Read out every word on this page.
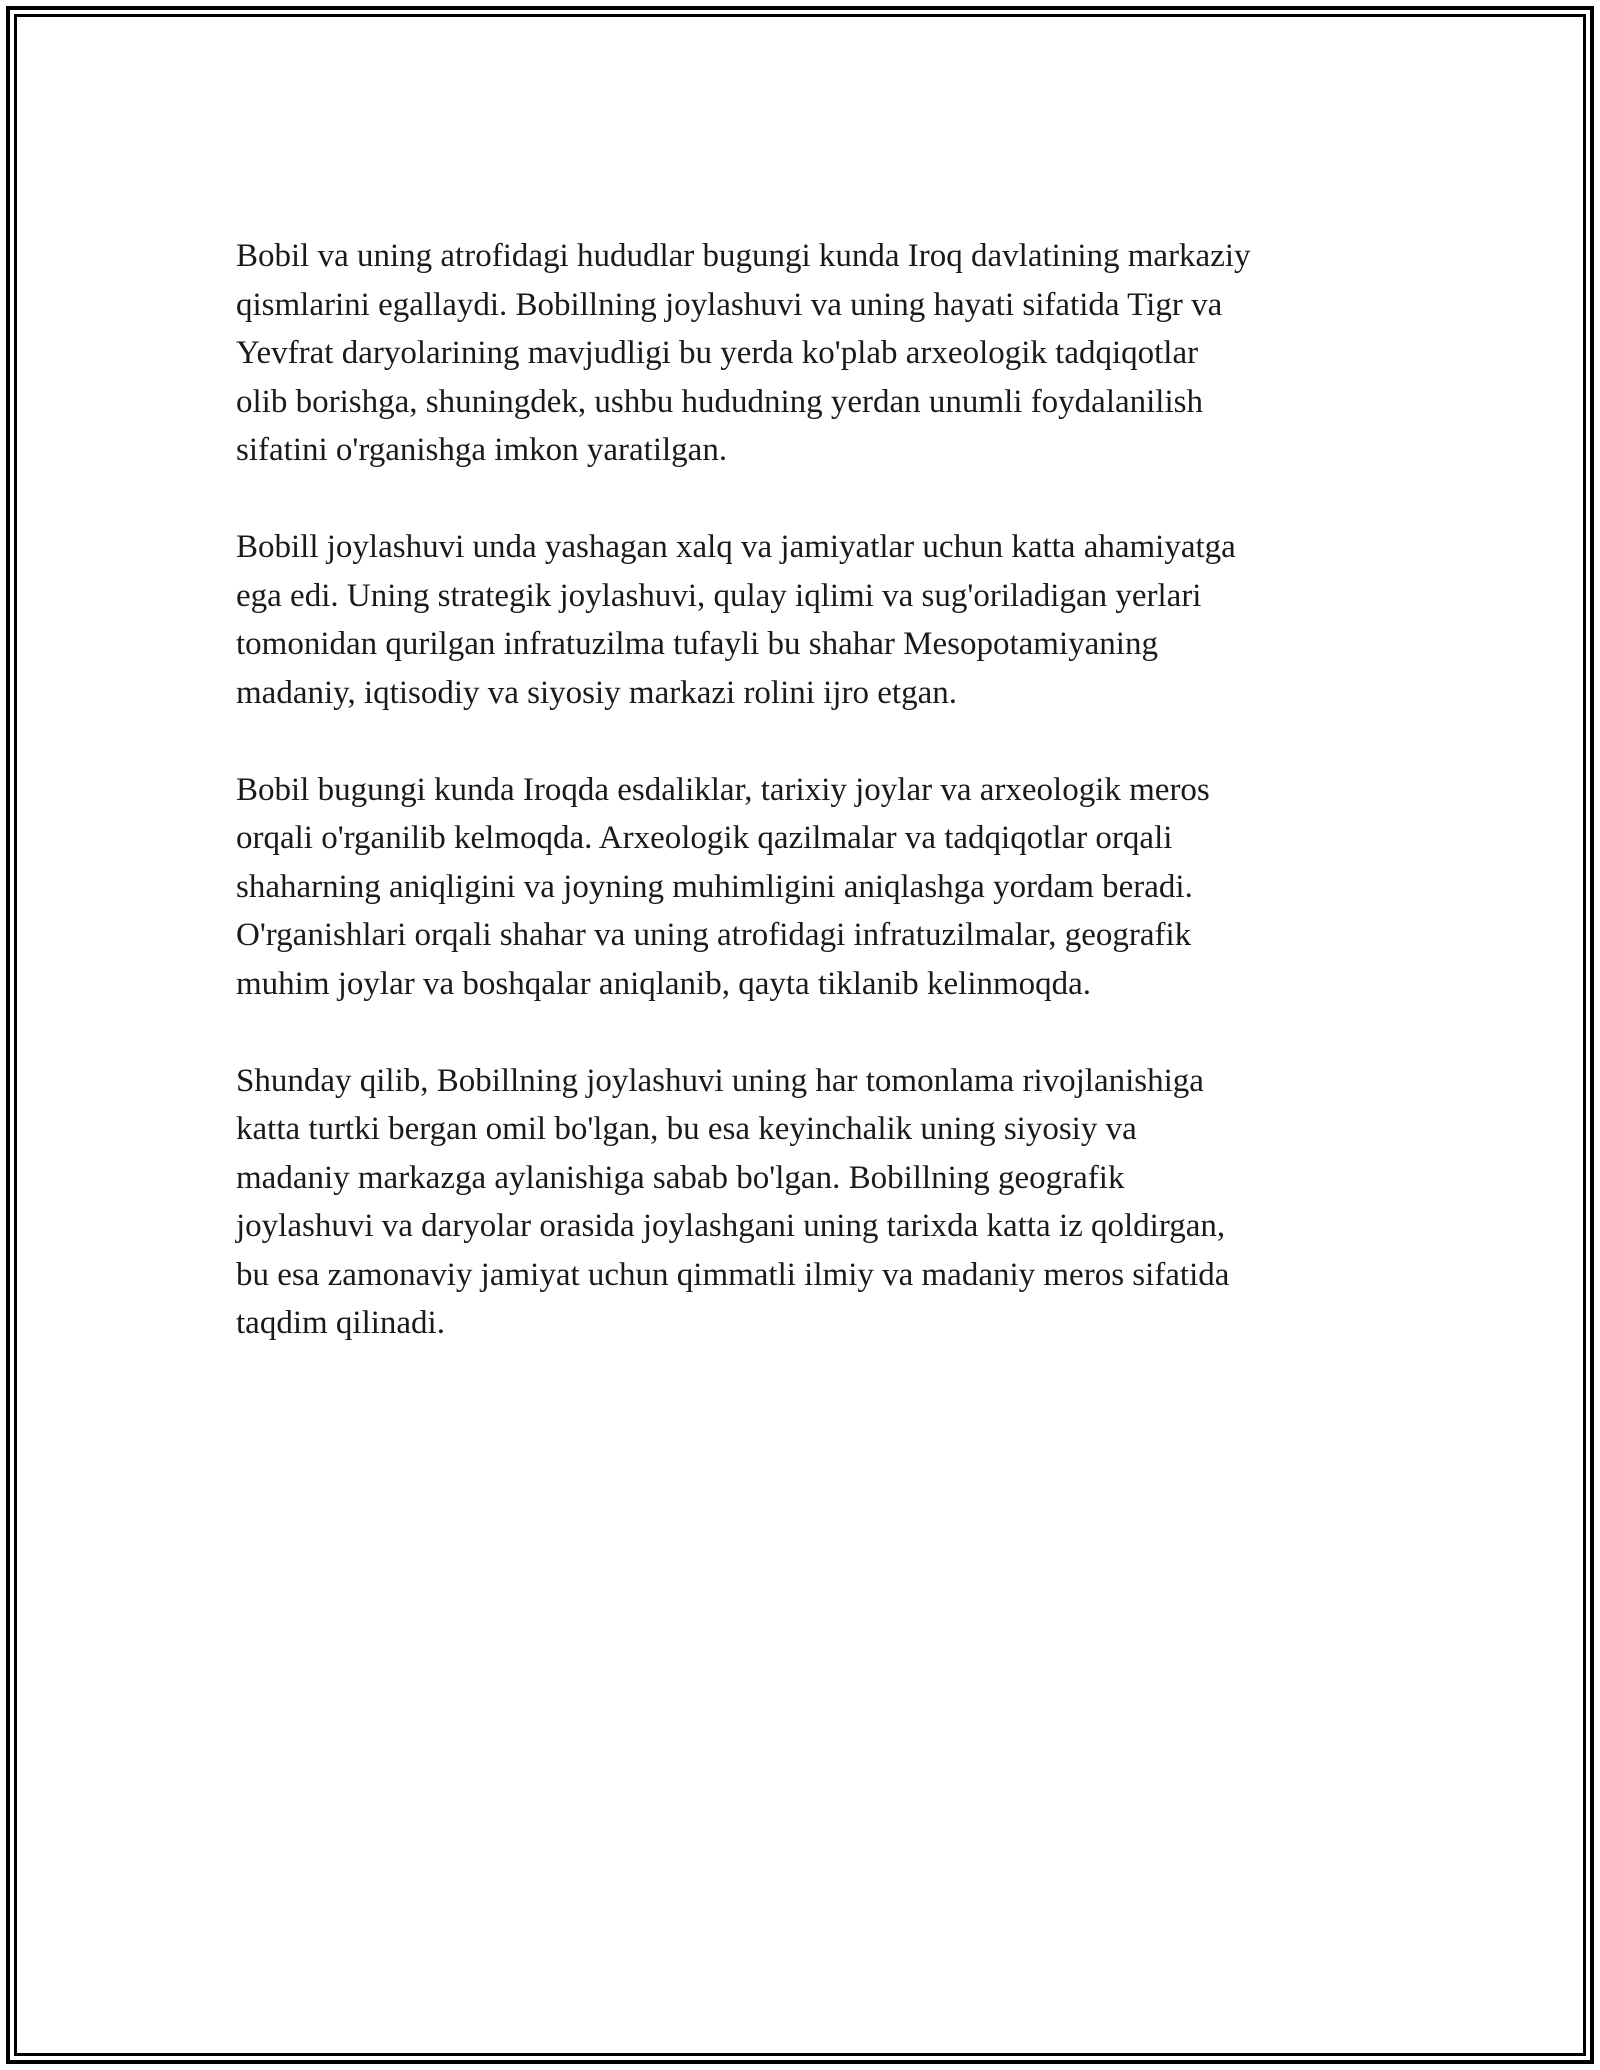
Bobil va uning atrofidagi hududlar bugungi kunda Iroq davlatining markaziy
qismlarini egallaydi. Bobillning joylashuvi va uning hayati sifatida Tigr va
Yevfrat daryolarining mavjudligi bu yerda ko'plab arxeologik tadqiqotlar
olib borishga, shuningdek, ushbu hududning yerdan unumli foydalanilish
sifatini o'rganishga imkon yaratilgan.

Bobill joylashuvi unda yashagan xalq va jamiyatlar uchun katta ahamiyatga
ega edi. Uning strategik joylashuvi, qulay iqlimi va sug'oriladigan yerlari
tomonidan qurilgan infratuzilma tufayli bu shahar Mesopotamiyaning
madaniy, iqtisodiy va siyosiy markazi rolini ijro etgan.

Bobil bugungi kunda Iroqda esdaliklar, tarixiy joylar va arxeologik meros
orqali o'rganilib kelmoqda. Arxeologik qazilmalar va tadqiqotlar orqali
shaharning aniqligini va joyning muhimligini aniqlashga yordam beradi.
O'rganishlari orqali shahar va uning atrofidagi infratuzilmalar, geografik
muhim joylar va boshqalar aniqlanib, qayta tiklanib kelinmoqda.

Shunday qilib, Bobillning joylashuvi uning har tomonlama rivojlanishiga
katta turtki bergan omil bo'lgan, bu esa keyinchalik uning siyosiy va
madaniy markazga aylanishiga sabab bo'lgan. Bobillning geografik
joylashuvi va daryolar orasida joylashgani uning tarixda katta iz qoldirgan,
bu esa zamonaviy jamiyat uchun qimmatli ilmiy va madaniy meros sifatida
taqdim qilinadi.
